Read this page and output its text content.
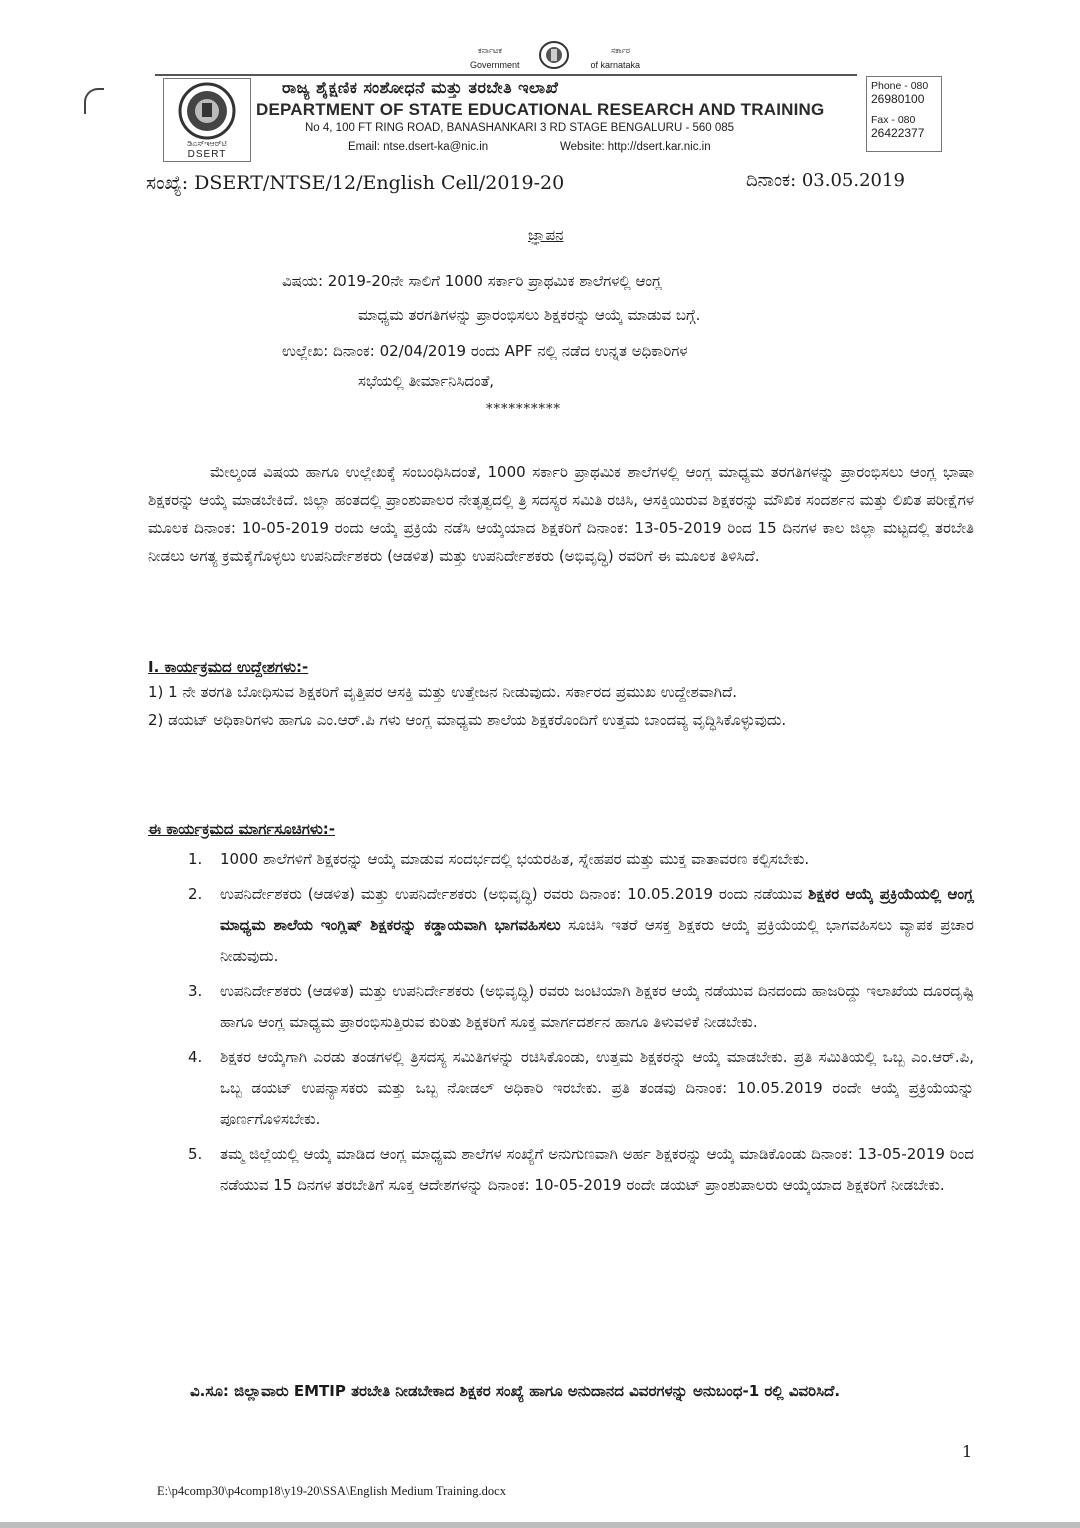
ಕರ್ನಾಟಕ	ಸರ್ಕಾರ
Government	of karnataka
ಡಿಎಸ್ಇಆರ್‌ಟಿ
DSERT
ರಾಜ್ಯ ಶೈಕ್ಷಣಿಕ ಸಂಶೋಧನೆ ಮತ್ತು ತರಬೇತಿ ಇಲಾಖೆ
DEPARTMENT OF STATE EDUCATIONAL RESEARCH AND TRAINING
No 4, 100 FT RING ROAD, BANASHANKARI 3 RD STAGE BENGALURU - 560 085
Email: ntse.dsert-ka@nic.in	Website: http://dsert.kar.nic.in
Phone - 080
26980100
Fax - 080
26422377
ಸಂಖ್ಯೆ: DSERT/NTSE/12/English Cell/2019-20	ದಿನಾಂಕ: 03.05.2019
ಜ್ಞಾಪನ
ವಿಷಯ: 2019-20ನೇ ಸಾಲಿಗೆ 1000 ಸರ್ಕಾರಿ ಪ್ರಾಥಮಿಕ ಶಾಲೆಗಳಲ್ಲಿ ಆಂಗ್ಲ
ಮಾಧ್ಯಮ ತರಗತಿಗಳನ್ನು ಪ್ರಾರಂಭಿಸಲು ಶಿಕ್ಷಕರನ್ನು ಆಯ್ಕೆ ಮಾಡುವ ಬಗ್ಗೆ.
ಉಲ್ಲೇಖ: ದಿನಾಂಕ: 02/04/2019 ರಂದು APF ನಲ್ಲಿ ನಡೆದ ಉನ್ನತ ಅಧಿಕಾರಿಗಳ
ಸಭೆಯಲ್ಲಿ ತೀರ್ಮಾನಿಸಿದಂತೆ,
**********
ಮೇಲ್ಕಂಡ ವಿಷಯ ಹಾಗೂ ಉಲ್ಲೇಖಕ್ಕೆ ಸಂಬಂಧಿಸಿದಂತೆ, 1000 ಸರ್ಕಾರಿ ಪ್ರಾಥಮಿಕ ಶಾಲೆಗಳಲ್ಲಿ ಆಂಗ್ಲ ಮಾಧ್ಯಮ ತರಗತಿಗಳನ್ನು ಪ್ರಾರಂಭಿಸಲು ಆಂಗ್ಲ ಭಾಷಾ ಶಿಕ್ಷಕರನ್ನು ಆಯ್ಕೆ ಮಾಡಬೇಕಿದೆ. ಜಿಲ್ಲಾ ಹಂತದಲ್ಲಿ ಪ್ರಾಂಶುಪಾಲರ ನೇತೃತ್ವದಲ್ಲಿ ತ್ರಿ ಸದಸ್ಯರ ಸಮಿತಿ ರಚಿಸಿ, ಆಸಕ್ತಿಯಿರುವ ಶಿಕ್ಷಕರನ್ನು ಮೌಖಿಕ ಸಂದರ್ಶನ ಮತ್ತು ಲಿಖಿತ ಪರೀಕ್ಷೆಗಳ ಮೂಲಕ ದಿನಾಂಕ: 10-05-2019 ರಂದು ಆಯ್ಕೆ ಪ್ರಕ್ರಿಯೆ ನಡೆಸಿ ಆಯ್ಕೆಯಾದ ಶಿಕ್ಷಕರಿಗೆ ದಿನಾಂಕ: 13-05-2019 ರಿಂದ 15 ದಿನಗಳ ಕಾಲ ಜಿಲ್ಲಾ ಮಟ್ಟದಲ್ಲಿ ತರಬೇತಿ ನೀಡಲು ಅಗತ್ಯ ಕ್ರಮಕೈಗೊಳ್ಳಲು ಉಪನಿರ್ದೇಶಕರು (ಆಡಳಿತ) ಮತ್ತು ಉಪನಿರ್ದೇಶಕರು (ಅಭಿವೃದ್ಧಿ) ರವರಿಗೆ ಈ ಮೂಲಕ ತಿಳಿಸಿದೆ.
I. ಕಾರ್ಯಕ್ರಮದ ಉದ್ದೇಶಗಳು:-
1) 1 ನೇ ತರಗತಿ ಬೋಧಿಸುವ ಶಿಕ್ಷಕರಿಗೆ ವೃತ್ತಿಪರ ಆಸಕ್ತಿ ಮತ್ತು ಉತ್ತೇಜನ ನೀಡುವುದು. ಸರ್ಕಾರದ ಪ್ರಮುಖ ಉದ್ದೇಶವಾಗಿದೆ.
2) ಡಯಟ್ ಅಧಿಕಾರಿಗಳು ಹಾಗೂ ಎಂ.ಆರ್.ಪಿ ಗಳು ಆಂಗ್ಲ ಮಾಧ್ಯಮ ಶಾಲೆಯ ಶಿಕ್ಷಕರೊಂದಿಗೆ ಉತ್ತಮ ಬಾಂದವ್ಯ ವೃದ್ಧಿಸಿಕೊಳ್ಳುವುದು.
ಈ ಕಾರ್ಯಕ್ರಮದ ಮಾರ್ಗಸೂಚಿಗಳು:-
1. 1000 ಶಾಲೆಗಳಿಗೆ ಶಿಕ್ಷಕರನ್ನು ಆಯ್ಕೆ ಮಾಡುವ ಸಂದರ್ಭದಲ್ಲಿ ಭಯರಹಿತ, ಸ್ನೇಹಪರ ಮತ್ತು ಮುಕ್ತ ವಾತಾವರಣ ಕಲ್ಪಿಸಬೇಕು.
2. ಉಪನಿರ್ದೇಶಕರು (ಆಡಳಿತ) ಮತ್ತು ಉಪನಿರ್ದೇಶಕರು (ಅಭಿವೃದ್ಧಿ) ರವರು ದಿನಾಂಕ: 10.05.2019 ರಂದು ನಡೆಯುವ ಶಿಕ್ಷಕರ ಆಯ್ಕೆ ಪ್ರಕ್ರಿಯೆಯಲ್ಲಿ ಆಂಗ್ಲ ಮಾಧ್ಯಮ ಶಾಲೆಯ ಇಂಗ್ಲಿಷ್ ಶಿಕ್ಷಕರನ್ನು ಕಡ್ಡಾಯವಾಗಿ ಭಾಗವಹಿಸಲು ಸೂಚಿಸಿ ಇತರೆ ಆಸಕ್ತ ಶಿಕ್ಷಕರು ಆಯ್ಕೆ ಪ್ರಕ್ರಿಯೆಯಲ್ಲಿ ಭಾಗವಹಿಸಲು ವ್ಯಾಪಕ ಪ್ರಚಾರ ನೀಡುವುದು.
3. ಉಪನಿರ್ದೇಶಕರು (ಆಡಳಿತ) ಮತ್ತು ಉಪನಿರ್ದೇಶಕರು (ಅಭಿವೃದ್ಧಿ) ರವರು ಜಂಟಿಯಾಗಿ ಶಿಕ್ಷಕರ ಆಯ್ಕೆ ನಡೆಯುವ ದಿನದಂದು ಹಾಜರಿದ್ದು ಇಲಾಖೆಯ ದೂರದೃಷ್ಟಿ ಹಾಗೂ ಆಂಗ್ಲ ಮಾಧ್ಯಮ ಪ್ರಾರಂಭಿಸುತ್ತಿರುವ ಕುರಿತು ಶಿಕ್ಷಕರಿಗೆ ಸೂಕ್ತ ಮಾರ್ಗದರ್ಶನ ಹಾಗೂ ತಿಳುವಳಿಕೆ ನೀಡಬೇಕು.
4. ಶಿಕ್ಷಕರ ಆಯ್ಕೆಗಾಗಿ ಎರಡು ತಂಡಗಳಲ್ಲಿ ತ್ರಿಸದಸ್ಯ ಸಮಿತಿಗಳನ್ನು ರಚಿಸಿಕೊಂಡು, ಉತ್ತಮ ಶಿಕ್ಷಕರನ್ನು ಆಯ್ಕೆ ಮಾಡಬೇಕು. ಪ್ರತಿ ಸಮಿತಿಯಲ್ಲಿ ಒಬ್ಬ ಎಂ.ಆರ್.ಪಿ, ಒಬ್ಬ ಡಯಟ್ ಉಪನ್ಯಾಸಕರು ಮತ್ತು ಒಬ್ಬ ನೋಡಲ್ ಅಧಿಕಾರಿ ಇರಬೇಕು. ಪ್ರತಿ ತಂಡವು ದಿನಾಂಕ: 10.05.2019 ರಂದೇ ಆಯ್ಕೆ ಪ್ರಕ್ರಿಯೆಯನ್ನು ಪೂರ್ಣಗೊಳಿಸಬೇಕು.
5. ತಮ್ಮ ಜಿಲ್ಲೆಯಲ್ಲಿ ಆಯ್ಕೆ ಮಾಡಿದ ಆಂಗ್ಲ ಮಾಧ್ಯಮ ಶಾಲೆಗಳ ಸಂಖ್ಯೆಗೆ ಅನುಗುಣವಾಗಿ ಅರ್ಹ ಶಿಕ್ಷಕರನ್ನು ಆಯ್ಕೆ ಮಾಡಿಕೊಂಡು ದಿನಾಂಕ: 13-05-2019 ರಿಂದ ನಡೆಯುವ 15 ದಿನಗಳ ತರಬೇತಿಗೆ ಸೂಕ್ತ ಆದೇಶಗಳನ್ನು ದಿನಾಂಕ: 10-05-2019 ರಂದೇ ಡಯಟ್ ಪ್ರಾಂಶುಪಾಲರು ಆಯ್ಕೆಯಾದ ಶಿಕ್ಷಕರಿಗೆ ನೀಡಬೇಕು.
ವಿ.ಸೂ: ಜಿಲ್ಲಾವಾರು EMTIP ತರಬೇತಿ ನೀಡಬೇಕಾದ ಶಿಕ್ಷಕರ ಸಂಖ್ಯೆ ಹಾಗೂ ಅನುದಾನದ ವಿವರಗಳನ್ನು ಅನುಬಂಧ-1 ರಲ್ಲಿ ವಿವರಿಸಿದೆ.
1
E:\p4comp30\p4comp18\y19-20\SSA\English Medium Training.docx
